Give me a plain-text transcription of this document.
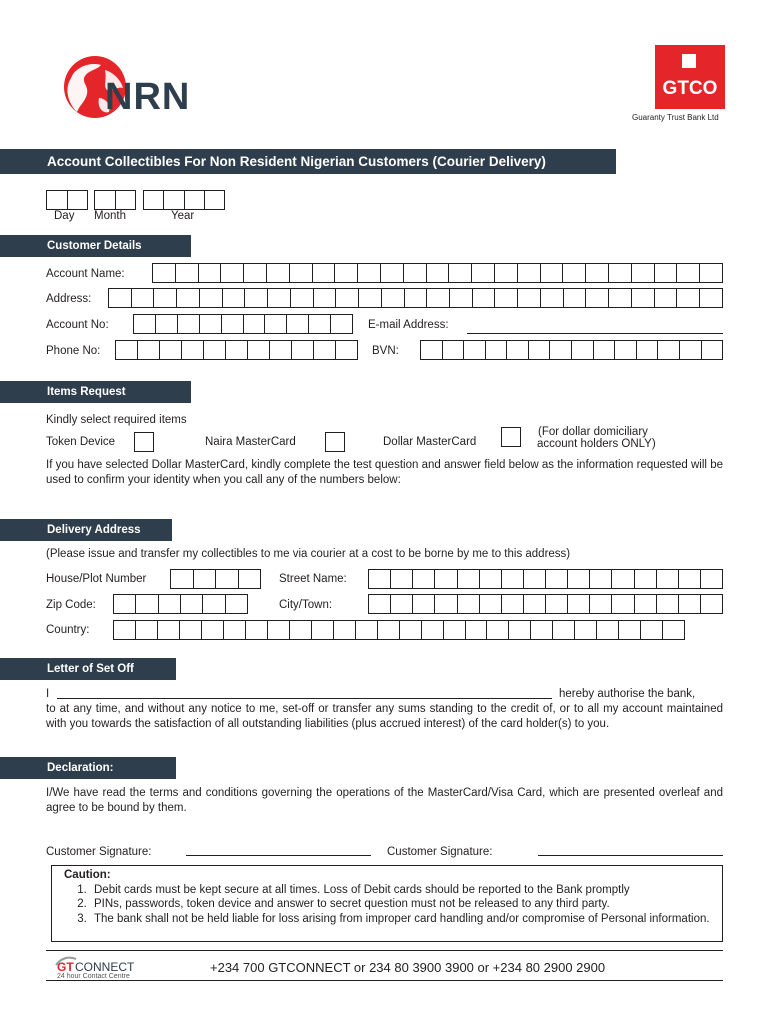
NRN	GTCO
Guaranty Trust Bank Ltd
Account Collectibles For Non Resident Nigerian Customers (Courier Delivery)
Day Month	Year
Customer Details
Account Name:
Address:
Account No:	E-mail Address:
Phone No:	BVN:
Items Request
Kindly select required items
Token Device	Naira MasterCard	Dollar MasterCard
(For dollar domiciliary
account holders ONLY)
If you have selected Dollar MasterCard, kindly complete the test question and answer field below as the information requested will be used to confirm your identity when you call any of the numbers below:
Delivery Address
(Please issue and transfer my collectibles to me via courier at a cost to be borne by me to this address)
House/Plot Number	Street Name:
Zip Code:	City/Town:
Country:
Letter of Set Off
I	hereby authorise the bank,
to at any time, and without any notice to me, set-off or transfer any sums standing to the credit of, or to all my account maintained with you towards the satisfaction of all outstanding liabilities (plus accrued interest) of the card holder(s) to you.
Declaration:
I/We have read the terms and conditions governing the operations of the MasterCard/Visa Card, which are presented overleaf and agree to be bound by them.
Customer Signature:	Customer Signature:
Caution:
1. Debit cards must be kept secure at all times. Loss of Debit cards should be reported to the Bank promptly
2. PINs, passwords, token device and answer to secret question must not be released to any third party.
3. The bank shall not be held liable for loss arising from improper card handling and/or compromise of Personal information.
GT CONNECT
24 hour Contact Centre
+234 700 GTCONNECT or 234 80 3900 3900 or +234 80 2900 2900
